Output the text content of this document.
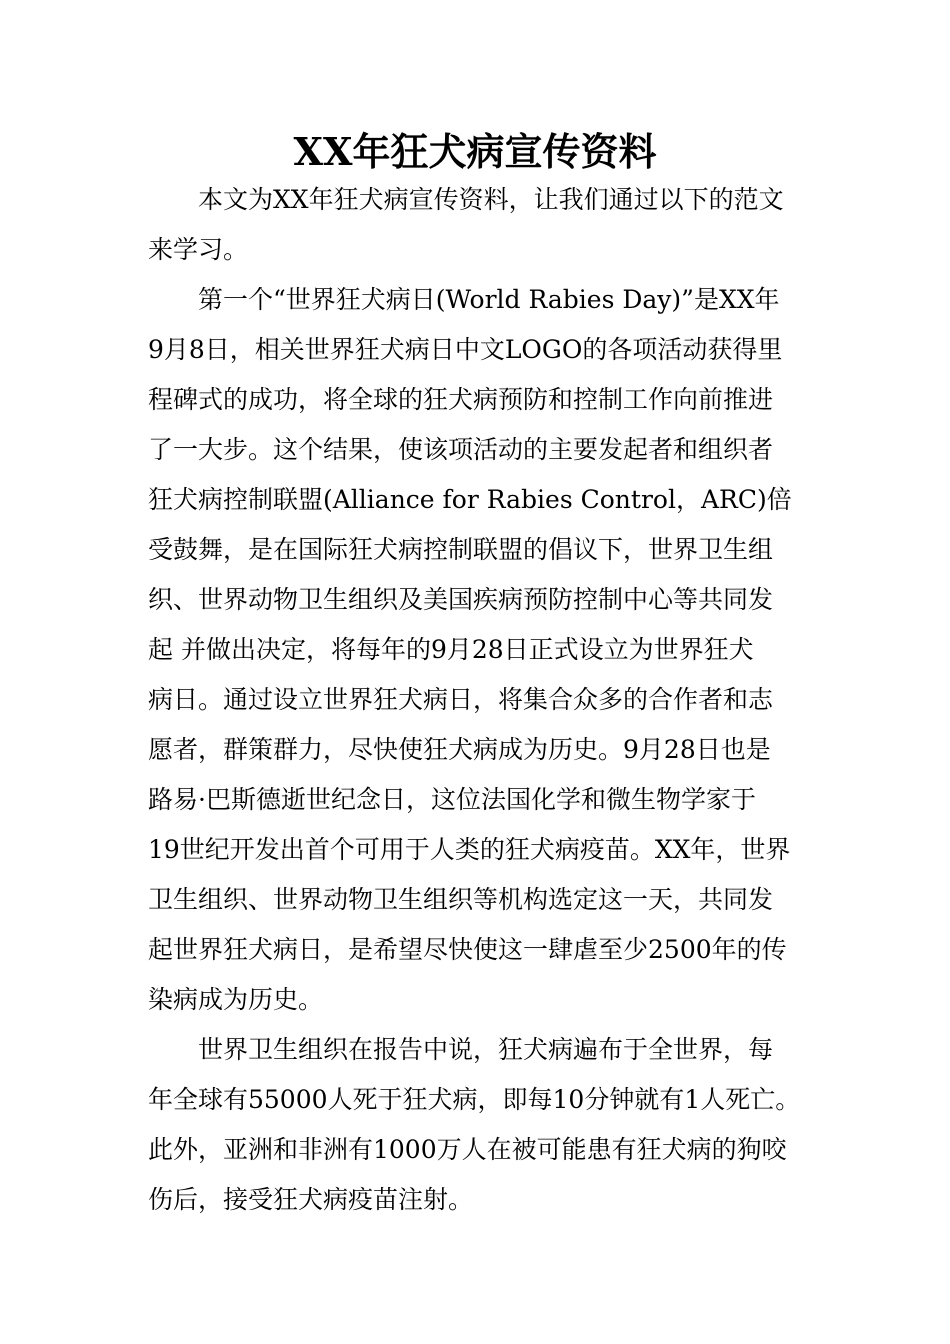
XX年狂犬病宣传资料

本文为XX年狂犬病宣传资料，让我们通过以下的范文

来学习。

第一个“世界狂犬病日(World Rabies Day)”是XX年

9月8日，相关世界狂犬病日中文LOGO的各项活动获得里

程碑式的成功，将全球的狂犬病预防和控制工作向前推进

了一大步。这个结果，使该项活动的主要发起者和组织者

狂犬病控制联盟(Alliance for Rabies Control，ARC)倍

受鼓舞，是在国际狂犬病控制联盟的倡议下，世界卫生组

织、世界动物卫生组织及美国疾病预防控制中心等共同发

起 并做出决定，将每年的9月28日正式设立为世界狂犬

病日。通过设立世界狂犬病日，将集合众多的合作者和志

愿者，群策群力，尽快使狂犬病成为历史。9月28日也是

路易·巴斯德逝世纪念日，这位法国化学和微生物学家于

19世纪开发出首个可用于人类的狂犬病疫苗。XX年，世界

卫生组织、世界动物卫生组织等机构选定这一天，共同发

起世界狂犬病日，是希望尽快使这一肆虐至少2500年的传

染病成为历史。

世界卫生组织在报告中说，狂犬病遍布于全世界，每

年全球有55000人死于狂犬病，即每10分钟就有1人死亡。

此外，亚洲和非洲有1000万人在被可能患有狂犬病的狗咬

伤后，接受狂犬病疫苗注射。
